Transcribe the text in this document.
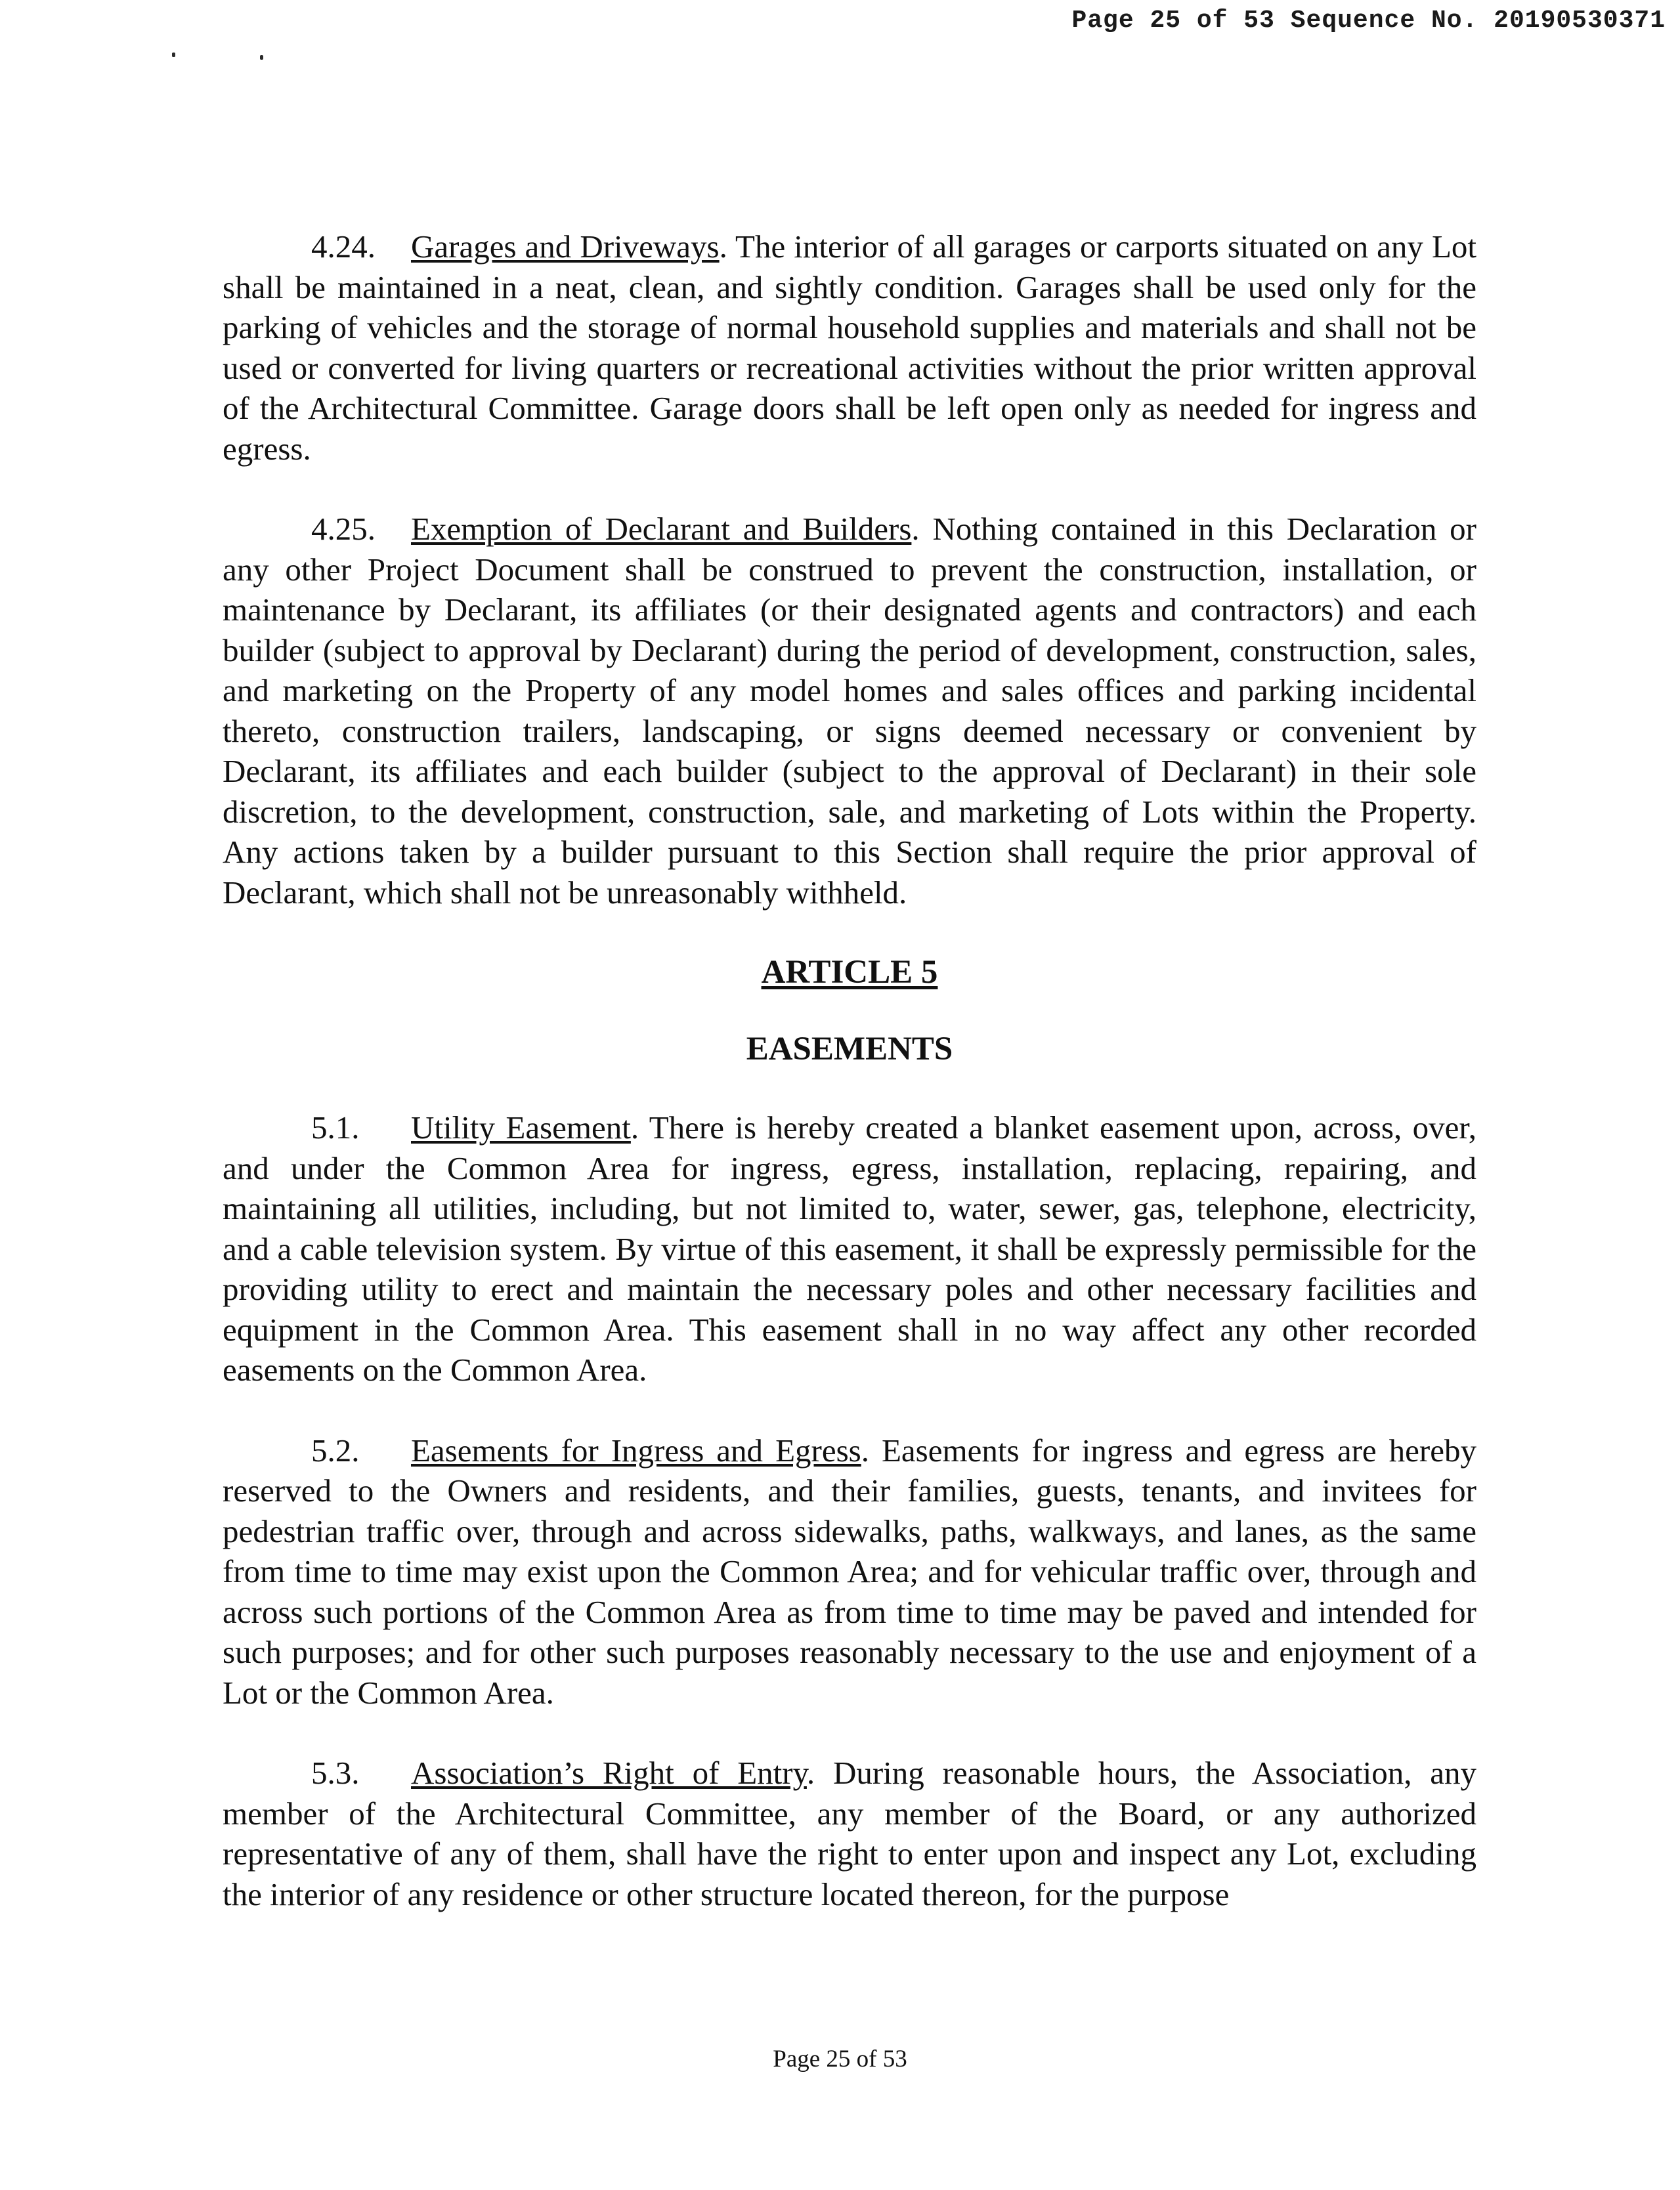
Page 25 of 53 Sequence No. 20190530371

4.24. Garages and Driveways. The interior of all garages or carports situated on any Lot shall be maintained in a neat, clean, and sightly condition. Garages shall be used only for the parking of vehicles and the storage of normal household supplies and materials and shall not be used or converted for living quarters or recreational activities without the prior written approval of the Architectural Committee. Garage doors shall be left open only as needed for ingress and egress.

4.25. Exemption of Declarant and Builders. Nothing contained in this Declaration or any other Project Document shall be construed to prevent the construction, installation, or maintenance by Declarant, its affiliates (or their designated agents and contractors) and each builder (subject to approval by Declarant) during the period of development, construction, sales, and marketing on the Property of any model homes and sales offices and parking incidental thereto, construction trailers, landscaping, or signs deemed necessary or convenient by Declarant, its affiliates and each builder (subject to the approval of Declarant) in their sole discretion, to the development, construction, sale, and marketing of Lots within the Property. Any actions taken by a builder pursuant to this Section shall require the prior approval of Declarant, which shall not be unreasonably withheld.

ARTICLE 5
EASEMENTS

5.1. Utility Easement. There is hereby created a blanket easement upon, across, over, and under the Common Area for ingress, egress, installation, replacing, repairing, and maintaining all utilities, including, but not limited to, water, sewer, gas, telephone, electricity, and a cable television system. By virtue of this easement, it shall be expressly permissible for the providing utility to erect and maintain the necessary poles and other necessary facilities and equipment in the Common Area. This easement shall in no way affect any other recorded easements on the Common Area.

5.2. Easements for Ingress and Egress. Easements for ingress and egress are hereby reserved to the Owners and residents, and their families, guests, tenants, and invitees for pedestrian traffic over, through and across sidewalks, paths, walkways, and lanes, as the same from time to time may exist upon the Common Area; and for vehicular traffic over, through and across such portions of the Common Area as from time to time may be paved and intended for such purposes; and for other such purposes reasonably necessary to the use and enjoyment of a Lot or the Common Area.

5.3. Association’s Right of Entry. During reasonable hours, the Association, any member of the Architectural Committee, any member of the Board, or any authorized representative of any of them, shall have the right to enter upon and inspect any Lot, excluding the interior of any residence or other structure located thereon, for the purpose

Page 25 of 53
